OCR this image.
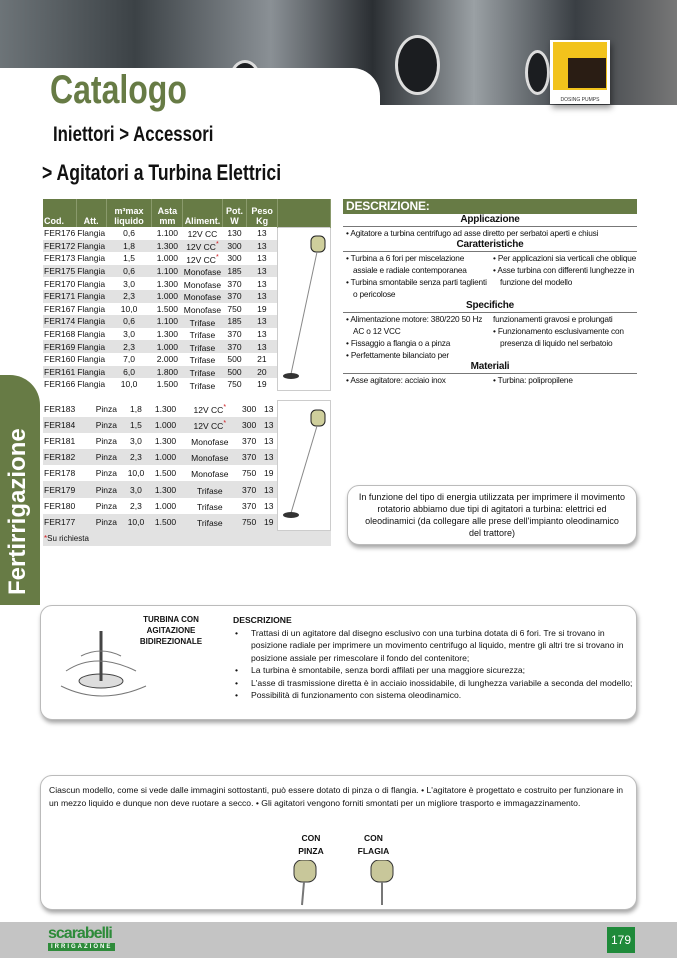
DOSING PUMPS
Catalogo
Iniettori > Accessori
> Agitatori a Turbina Elettrici
Fertirrigazione
Cod.	Att.	m³max liquido	Asta mm	Aliment.	Pot. W	Peso Kg	
FER176	Flangia	0,6	1.100	12V CC	130	13	
FER172	Flangia	1,8	1.300	12V CC*	300	13	
FER173	Flangia	1,5	1.000	12V CC*	300	13	
FER175	Flangia	0,6	1.100	Monofase	185	13	
FER170	Flangia	3,0	1.300	Monofase	370	13	
FER171	Flangia	2,3	1.000	Monofase	370	13	
FER167	Flangia	10,0	1.500	Monofase	750	19	
FER174	Flangia	0,6	1.100	Trifase	185	13	
FER168	Flangia	3,0	1.300	Trifase	370	13	
FER169	Flangia	2,3	1.000	Trifase	370	13	
FER160	Flangia	7,0	2.000	Trifase	500	21	
FER161	Flangia	6,0	1.800	Trifase	500	20	
FER166	Flangia	10,0	1.500	Trifase	750	19	
FER183	Pinza	1,8	1.300	12V CC*	300	13	
FER184	Pinza	1,5	1.000	12V CC*	300	13	
FER181	Pinza	3,0	1.300	Monofase	370	13	
FER182	Pinza	2,3	1.000	Monofase	370	13	
FER178	Pinza	10,0	1.500	Monofase	750	19	
FER179	Pinza	3,0	1.300	Trifase	370	13	
FER180	Pinza	2,3	1.000	Trifase	370	13	
FER177	Pinza	10,0	1.500	Trifase	750	19	
*Su richiesta							
DESCRIZIONE:
Applicazione

• Agitatore a turbina centrifugo ad asse diretto per serbatoi aperti e chiusi

Caratteristiche

• Turbina a 6 fori per miscelazione assiale e radiale contemporanea

• Turbina smontabile senza parti taglienti o pericolose

• Per applicazioni sia verticali che oblique

• Asse turbina con differenti lunghezze in funzione del modello

Specifiche

• Alimentazione motore: 380/220 50 Hz AC o 12 VCC

• Fissaggio a flangia o a pinza

• Perfettamente bilanciato per

funzionamenti gravosi e prolungati

• Funzionamento esclusivamente con presenza di liquido nel serbatoio

Materiali

• Asse agitatore: acciaio inox	• Turbina: polipropilene

In funzione del tipo di energia utilizzata per imprimere il movimento rotatorio abbiamo due tipi di agitatori a turbina: elettrici ed oleodinamici (da collegare alle prese dell'impianto oleodinamico del trattore)
TURBINA CON AGITAZIONE BIDIREZIONALE
DESCRIZIONE
• Trattasi di un agitatore dal disegno esclusivo con una turbina dotata di 6 fori. Tre si trovano in posizione radiale per imprimere un movimento centrifugo al liquido, mentre gli altri tre si trovano in posizione assiale per rimescolare il fondo del contenitore;
• La turbina è smontabile, senza bordi affilati per una maggiore sicurezza;
• L'asse di trasmissione diretta è in acciaio inossidabile, di lunghezza variabile a seconda del modello;
• Possibilità di funzionamento con sistema oleodinamico.
Ciascun modello, come si vede dalle immagini sottostanti, può essere dotato di pinza o di flangia. • L'agitatore è progettato e costruito per funzionare in un mezzo liquido e dunque non deve ruotare a secco. • Gli agitatori vengono forniti smontati per un migliore trasporto e immagazzinamento.
CON PINZA
CON FLAGIA
scarabelli
IRRIGAZIONE	179
